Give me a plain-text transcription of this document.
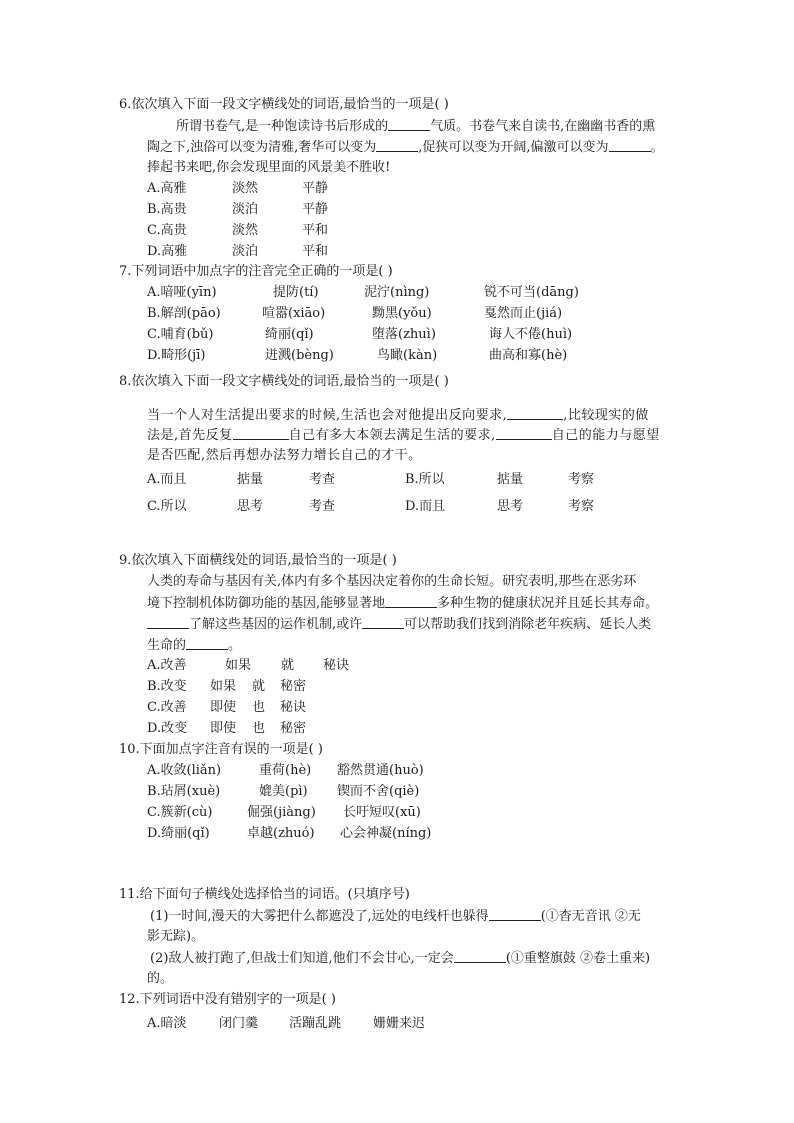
6.依次填入下面一段文字横线处的词语,最恰当的一项是( )
所谓书卷气,是一种饱读诗书后形成的	气质。书卷气来自读书,在幽幽书香的熏
陶之下,浊俗可以变为清雅,奢华可以变为	,促狭可以变为开阔,偏激可以变为	。
捧起书来吧,你会发现里面的风景美不胜收!
A.高雅	淡然	平静
B.高贵	淡泊	平静
C.高贵	淡然	平和
D.高雅	淡泊	平和
7.下列词语中加点字的注音完全正确的一项是( )
A.喑哑(yīn)	提防(tí)	泥泞(nìng)	锐不可当(dāng)
B.解剖(pāo)	喧嚣(xiāo)	黝黑(yǒu)	戛然而止(jiá)
C.哺育(bǔ)	绮丽(qǐ)	堕落(zhuì)	诲人不倦(huì)
D.畸形(jī)	迸溅(bèng)	鸟瞰(kàn)	曲高和寡(hè)
8.依次填入下面一段文字横线处的词语,最恰当的一项是( )
当一个人对生活提出要求的时候,生活也会对他提出反向要求,	,比较现实的做
法是,首先反复	自己有多大本领去满足生活的要求,	自己的能力与愿望
是否匹配,然后再想办法努力增长自己的才干。
A.而且	掂量	考查	B.所以	掂量	考察
C.所以	思考	考查	D.而且	思考	考察
9.依次填入下面横线处的词语,最恰当的一项是( )
人类的寿命与基因有关,体内有多个基因决定着你的生命长短。研究表明,那些在恶劣环
境下控制机体防御功能的基因,能够显著地	多种生物的健康状况并且延长其寿命。
了解这些基因的运作机制,或许	可以帮助我们找到消除老年疾病、延长人类
生命的	。
A.改善	如果 就 秘诀
B.改变 如果 就 秘密
C.改善 即使 也 秘诀
D.改变 即使 也 秘密
10.下面加点字注音有误的一项是( )
A.收敛(liǎn)	重荷(hè) 豁然贯通(huò)
B.玷屑(xuè)	媲美(pì) 锲而不舍(qiè)
C.簇新(cù)	倔强(jiàng) 长吁短叹(xū)
D.绮丽(qǐ)	卓越(zhuó) 心会神凝(níng)
11.给下面句子横线处选择恰当的词语。(只填序号)
(1)一时间,漫天的大雾把什么都遮没了,远处的电线杆也躲得	(①杳无音讯 ②无
影无踪)。
(2)敌人被打跑了,但战士们知道,他们不会甘心,一定会	(①重整旗鼓 ②卷土重来)
的。
12.下列词语中没有错别字的一项是( )
A.暗淡 闭门羹 活蹦乱跳 姗姗来迟
